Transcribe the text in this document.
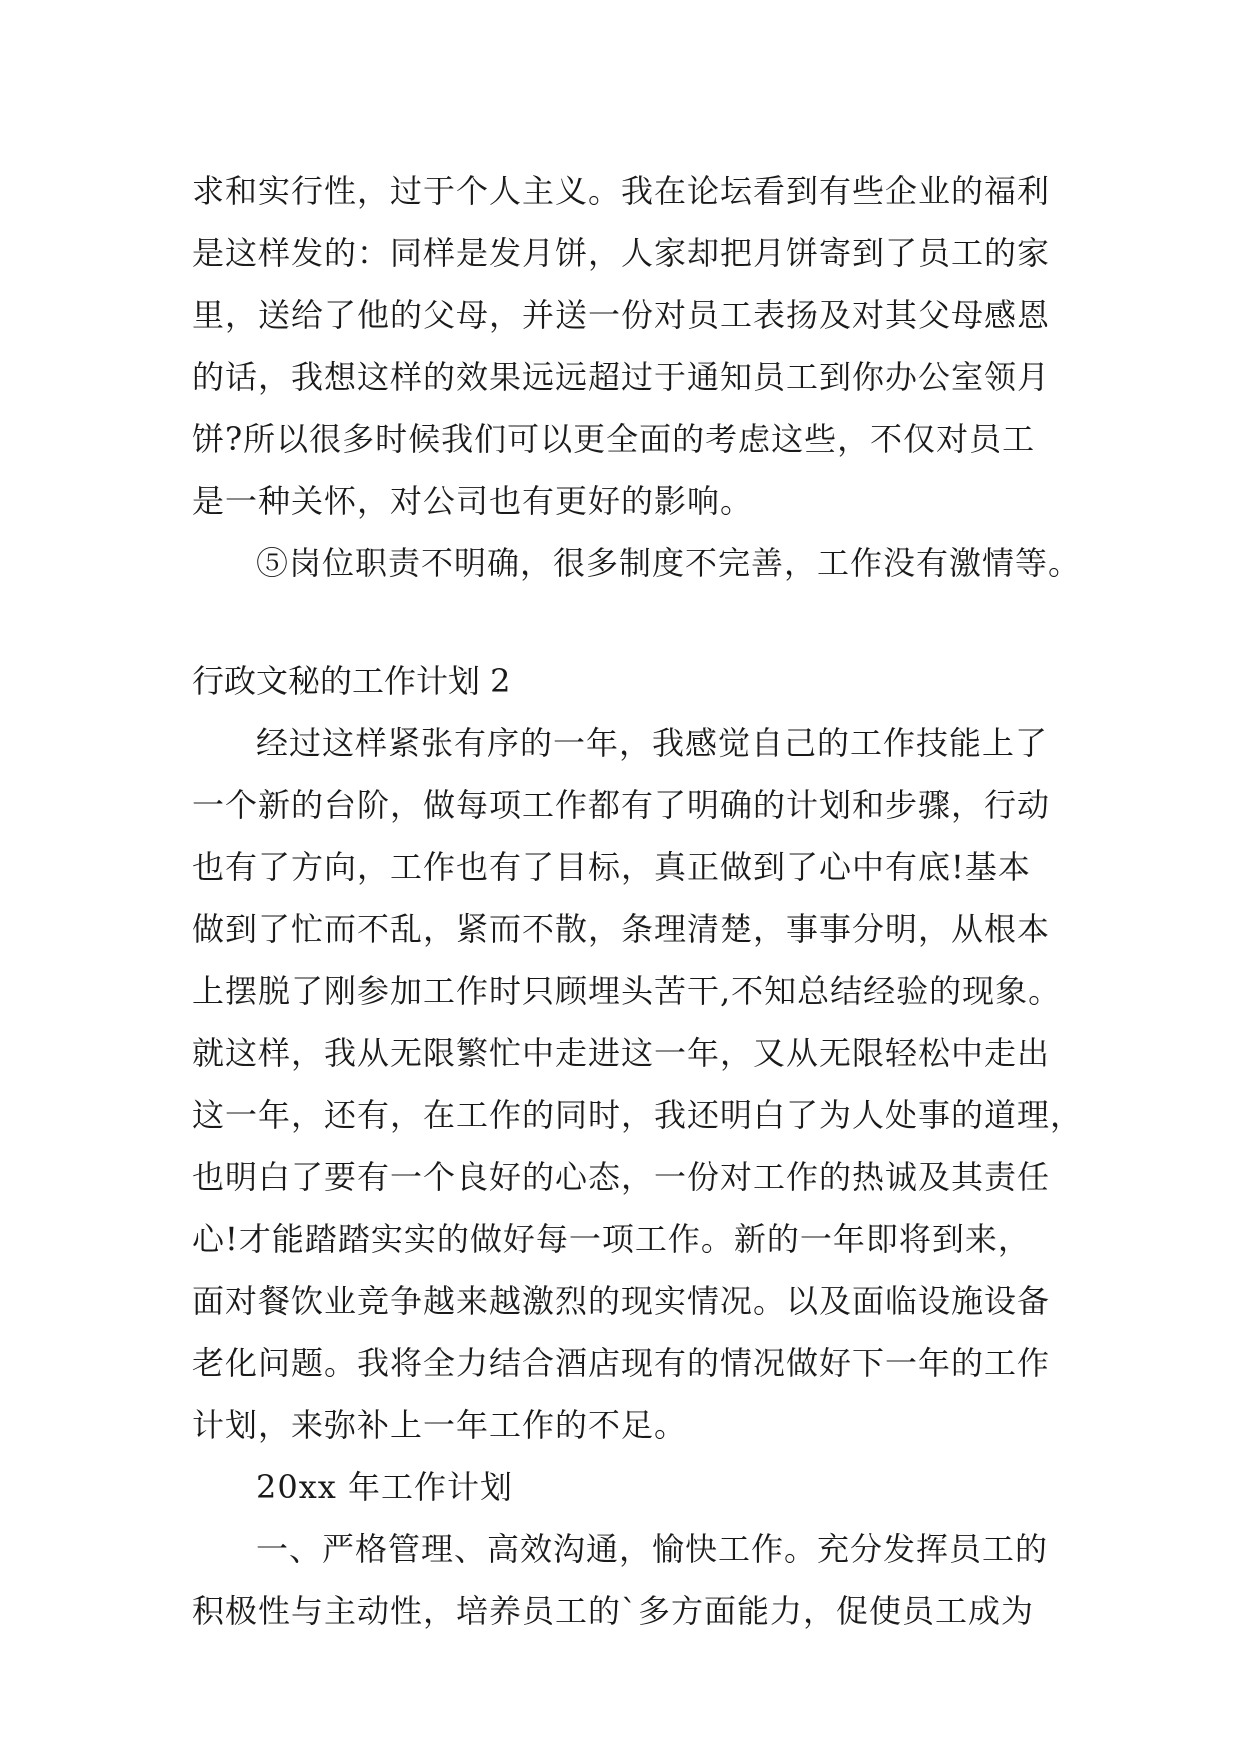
求和实行性，过于个人主义。我在论坛看到有些企业的福利
是这样发的：同样是发月饼，人家却把月饼寄到了员工的家
里，送给了他的父母，并送一份对员工表扬及对其父母感恩
的话，我想这样的效果远远超过于通知员工到你办公室领月
饼?所以很多时候我们可以更全面的考虑这些，不仅对员工
是一种关怀，对公司也有更好的影响。
⑤岗位职责不明确，很多制度不完善，工作没有激情等。
行政文秘的工作计划 2
经过这样紧张有序的一年，我感觉自己的工作技能上了
一个新的台阶，做每项工作都有了明确的计划和步骤，行动
也有了方向，工作也有了目标，真正做到了心中有底!基本
做到了忙而不乱，紧而不散，条理清楚，事事分明，从根本
上摆脱了刚参加工作时只顾埋头苦干,不知总结经验的现象。
就这样，我从无限繁忙中走进这一年，又从无限轻松中走出
这一年，还有，在工作的同时，我还明白了为人处事的道理，
也明白了要有一个良好的心态，一份对工作的热诚及其责任
心!才能踏踏实实的做好每一项工作。新的一年即将到来，
面对餐饮业竞争越来越激烈的现实情况。以及面临设施设备
老化问题。我将全力结合酒店现有的情况做好下一年的工作
计划，来弥补上一年工作的不足。
20xx 年工作计划
一、严格管理、高效沟通，愉快工作。充分发挥员工的
积极性与主动性，培养员工的`多方面能力，促使员工成为
